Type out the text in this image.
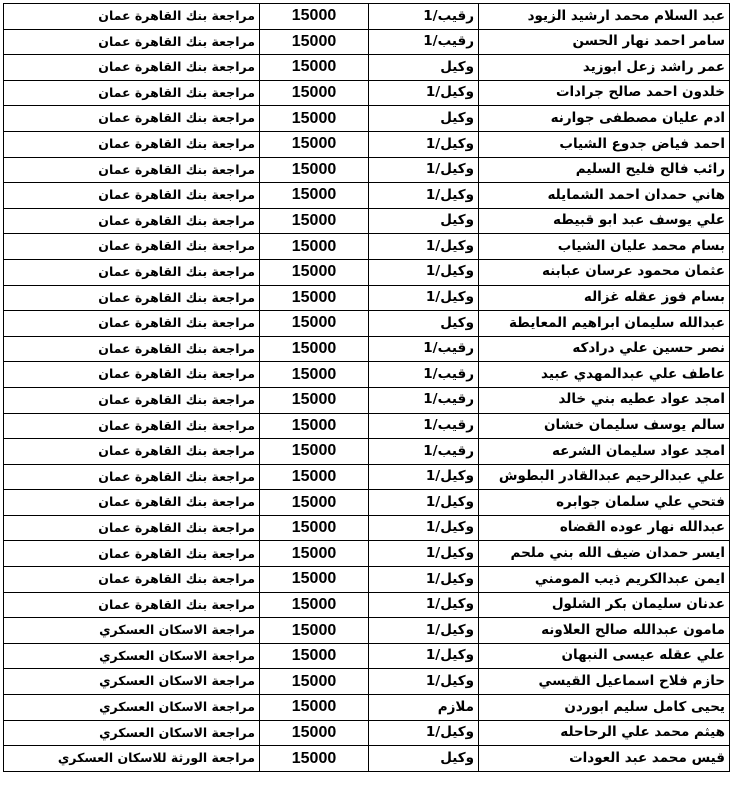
عبد السلام محمد ارشيد الزيود	رقيب/1	15000	مراجعة بنك القاهرة عمان
سامر احمد نهار الحسن	رقيب/1	15000	مراجعة بنك القاهرة عمان
عمر راشد زعل ابوزيد	وكيل	15000	مراجعة بنك القاهرة عمان
خلدون احمد صالح جرادات	وكيل/1	15000	مراجعة بنك القاهرة عمان
ادم عليان مصطفى جوارنه	وكيل	15000	مراجعة بنك القاهرة عمان
احمد فياض جدوع الشياب	وكيل/1	15000	مراجعة بنك القاهرة عمان
رائب فالح فليح السليم	وكيل/1	15000	مراجعة بنك القاهرة عمان
هاني حمدان احمد الشمايله	وكيل/1	15000	مراجعة بنك القاهرة عمان
علي يوسف عبد ابو قبيطه	وكيل	15000	مراجعة بنك القاهرة عمان
بسام محمد عليان الشياب	وكيل/1	15000	مراجعة بنك القاهرة عمان
عثمان محمود عرسان عبابنه	وكيل/1	15000	مراجعة بنك القاهرة عمان
بسام فوز عقله غزاله	وكيل/1	15000	مراجعة بنك القاهرة عمان
عبدالله سليمان ابراهيم المعايطة	وكيل	15000	مراجعة بنك القاهرة عمان
نصر حسين علي درادكه	رقيب/1	15000	مراجعة بنك القاهرة عمان
عاطف علي عبدالمهدي عبيد	رقيب/1	15000	مراجعة بنك القاهرة عمان
امجد عواد عطيه بني خالد	رقيب/1	15000	مراجعة بنك القاهرة عمان
سالم يوسف سليمان خشان	رقيب/1	15000	مراجعة بنك القاهرة عمان
امجد عواد سليمان الشرعه	رقيب/1	15000	مراجعة بنك القاهرة عمان
علي عبدالرحيم عبدالقادر البطوش	وكيل/1	15000	مراجعة بنك القاهرة عمان
فتحي علي سلمان جوابره	وكيل/1	15000	مراجعة بنك القاهرة عمان
عبدالله نهار عوده القضاه	وكيل/1	15000	مراجعة بنك القاهرة عمان
ايسر حمدان ضيف الله بني ملحم	وكيل/1	15000	مراجعة بنك القاهرة عمان
ايمن عبدالكريم ذيب المومني	وكيل/1	15000	مراجعة بنك القاهرة عمان
عدنان سليمان بكر الشلول	وكيل/1	15000	مراجعة بنك القاهرة عمان
مامون عبدالله صالح العلاونه	وكيل/1	15000	مراجعة الاسكان العسكري
علي عقله عيسى النبهان	وكيل/1	15000	مراجعة الاسكان العسكري
حازم فلاح اسماعيل القيسي	وكيل/1	15000	مراجعة الاسكان العسكري
يحيى كامل سليم ابوردن	ملازم	15000	مراجعة الاسكان العسكري
هيثم محمد علي الرحاحله	وكيل/1	15000	مراجعة الاسكان العسكري
قيس محمد عبد العودات	وكيل	15000	مراجعة الورثة للاسكان العسكري
